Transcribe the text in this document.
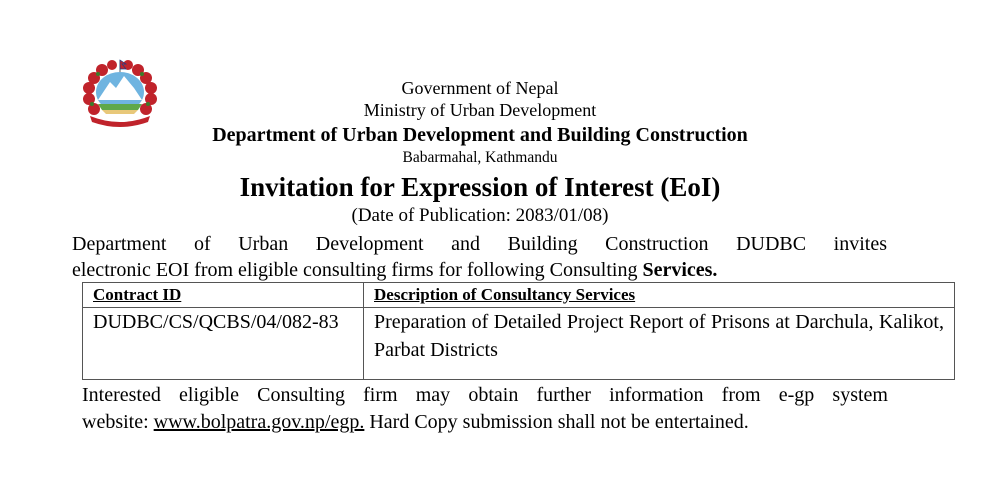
Government of Nepal
Ministry of Urban Development
Department of Urban Development and Building Construction
Babarmahal, Kathmandu
Invitation for Expression of Interest (EoI)
(Date of Publication: 2083/01/08)
Department of Urban Development and Building Construction DUDBC invites
electronic EOI from eligible consulting firms for following Consulting Services.
Contract ID	Description of Consultancy Services
DUDBC/CS/QCBS/04/082-83	Preparation of Detailed Project Report of Prisons at Darchula, Kalikot, Parbat Districts
Interested eligible Consulting firm may obtain further information from e-gp system
website: www.bolpatra.gov.np/egp. Hard Copy submission shall not be entertained.
